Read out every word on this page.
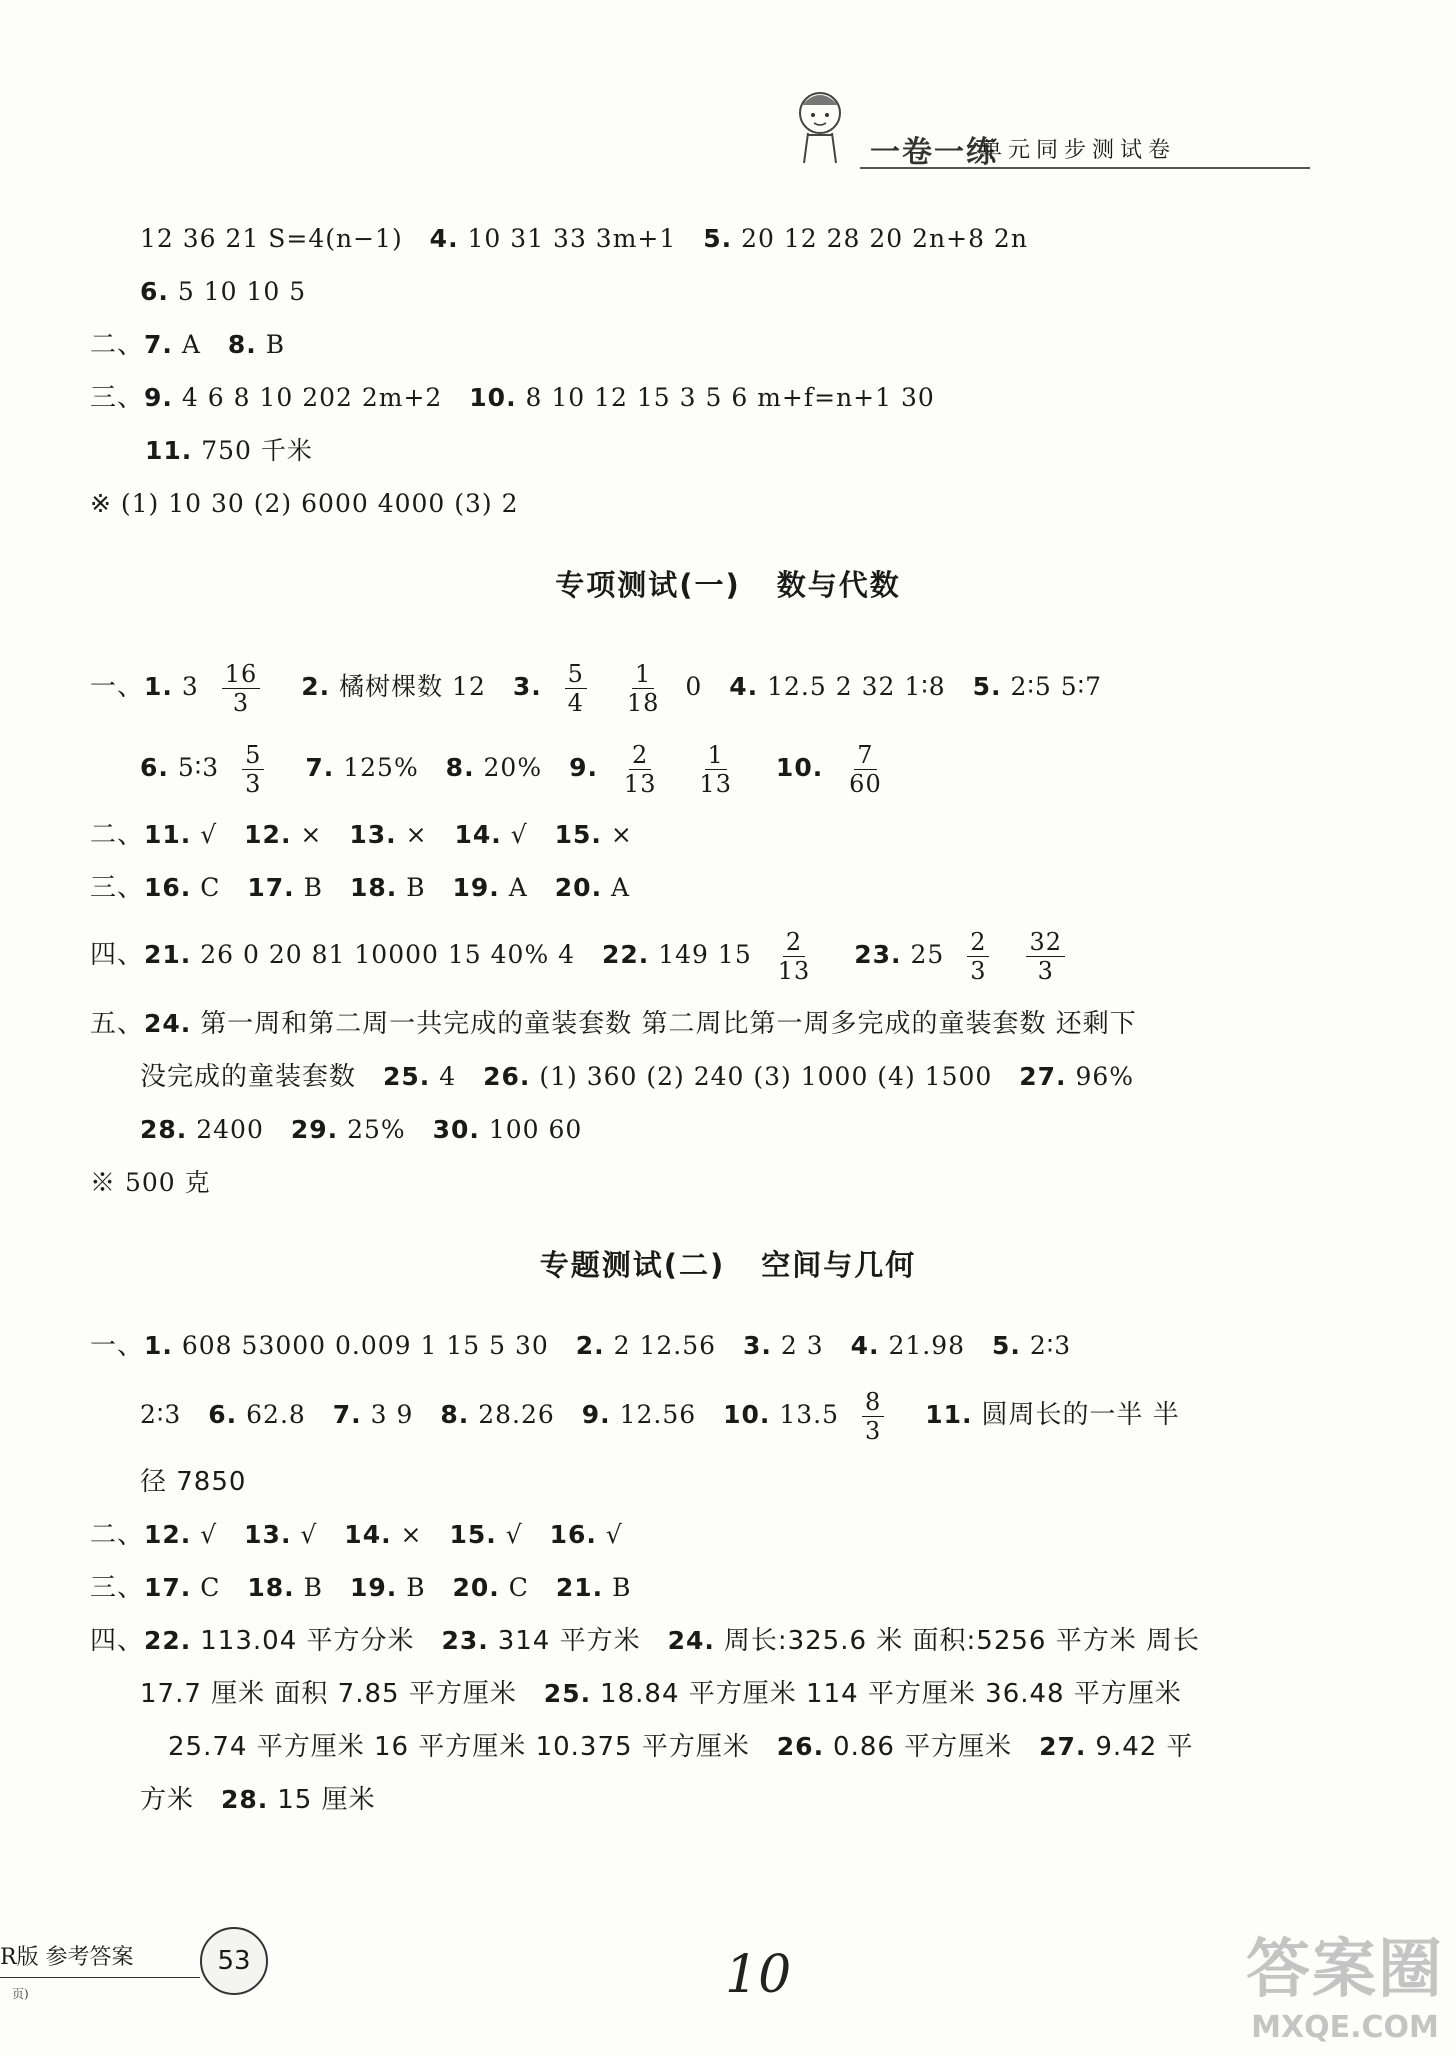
一卷一练
单元同步测试卷
12 36 21 S=4(n−1) 4. 10 31 33 3m+1 5. 20 12 28 20 2n+8 2n
6. 5 10 10 5
二、7. A 8. B
三、9. 4 6 8 10 202 2m+2 10. 8 10 12 15 3 5 6 m+f=n+1 30
11. 750 千米
※ (1) 10 30 (2) 6000 4000 (3) 2
专项测试(一) 数与代数
一、1. $3 \frac{16}{3} 2$. 橘树棵数 12 3. $\frac{5}{4}$
$\frac{1}{18} 0$ 4. 12.5 2 32 1∶8 5. 2∶5 5∶7
6. 5∶3 $\frac{5}{3} 7$. 125% 8. 20% 9. $\frac{2}{13}$
$\frac{1}{13} 10$. $\frac{7}{60}$
二、11. √ 12. × 13. × 14. √ 15. ×
三、16. C 17. B 18. B 19. A 20. A
四、21. 26 0 20 81 10000 15 40% 4 22. 149 $15 \frac{2}{13} 23$. $25 \frac{2}{3}$
$\frac{32}{3}$
五、24. 第一周和第二周一共完成的童装套数 第二周比第一周多完成的童装套数 还剩下
没完成的童装套数 25. 4 26. (1) 360 (2) 240 (3) 1000 (4) 1500 27. 96%
28. 2400 29. 25% 30. 100 60
※ 500 克
专题测试(二) 空间与几何
一、1. 608 53000 0.009 1 15 5 30 2. 2 12.56 3. 2 3 4. 21.98 5. 2∶3
2∶3 6. 62.8 7. 3 9 8. 28.26 9. 12.56 10. $13.5 \frac{8}{3} 11$. 圆周长的一半 半
径 7850
二、12. √ 13. √ 14. × 15. √ 16. √
三、17. C 18. B 19. B 20. C 21. B
四、22. 113.04 平方分米 23. 314 平方米 24. 周长:325.6 米 面积:5256 平方米 周长
17.7 厘米 面积 7.85 平方厘米 25. 18.84 平方厘米 114 平方厘米 36.48 平方厘米
25.74 平方厘米 16 平方厘米 10.375 平方厘米 26. 0.86 平方厘米 27. 9.42 平
方米 28. 15 厘米
R版 参考答案	53
页)	10	答案圈
MXQE.COM
